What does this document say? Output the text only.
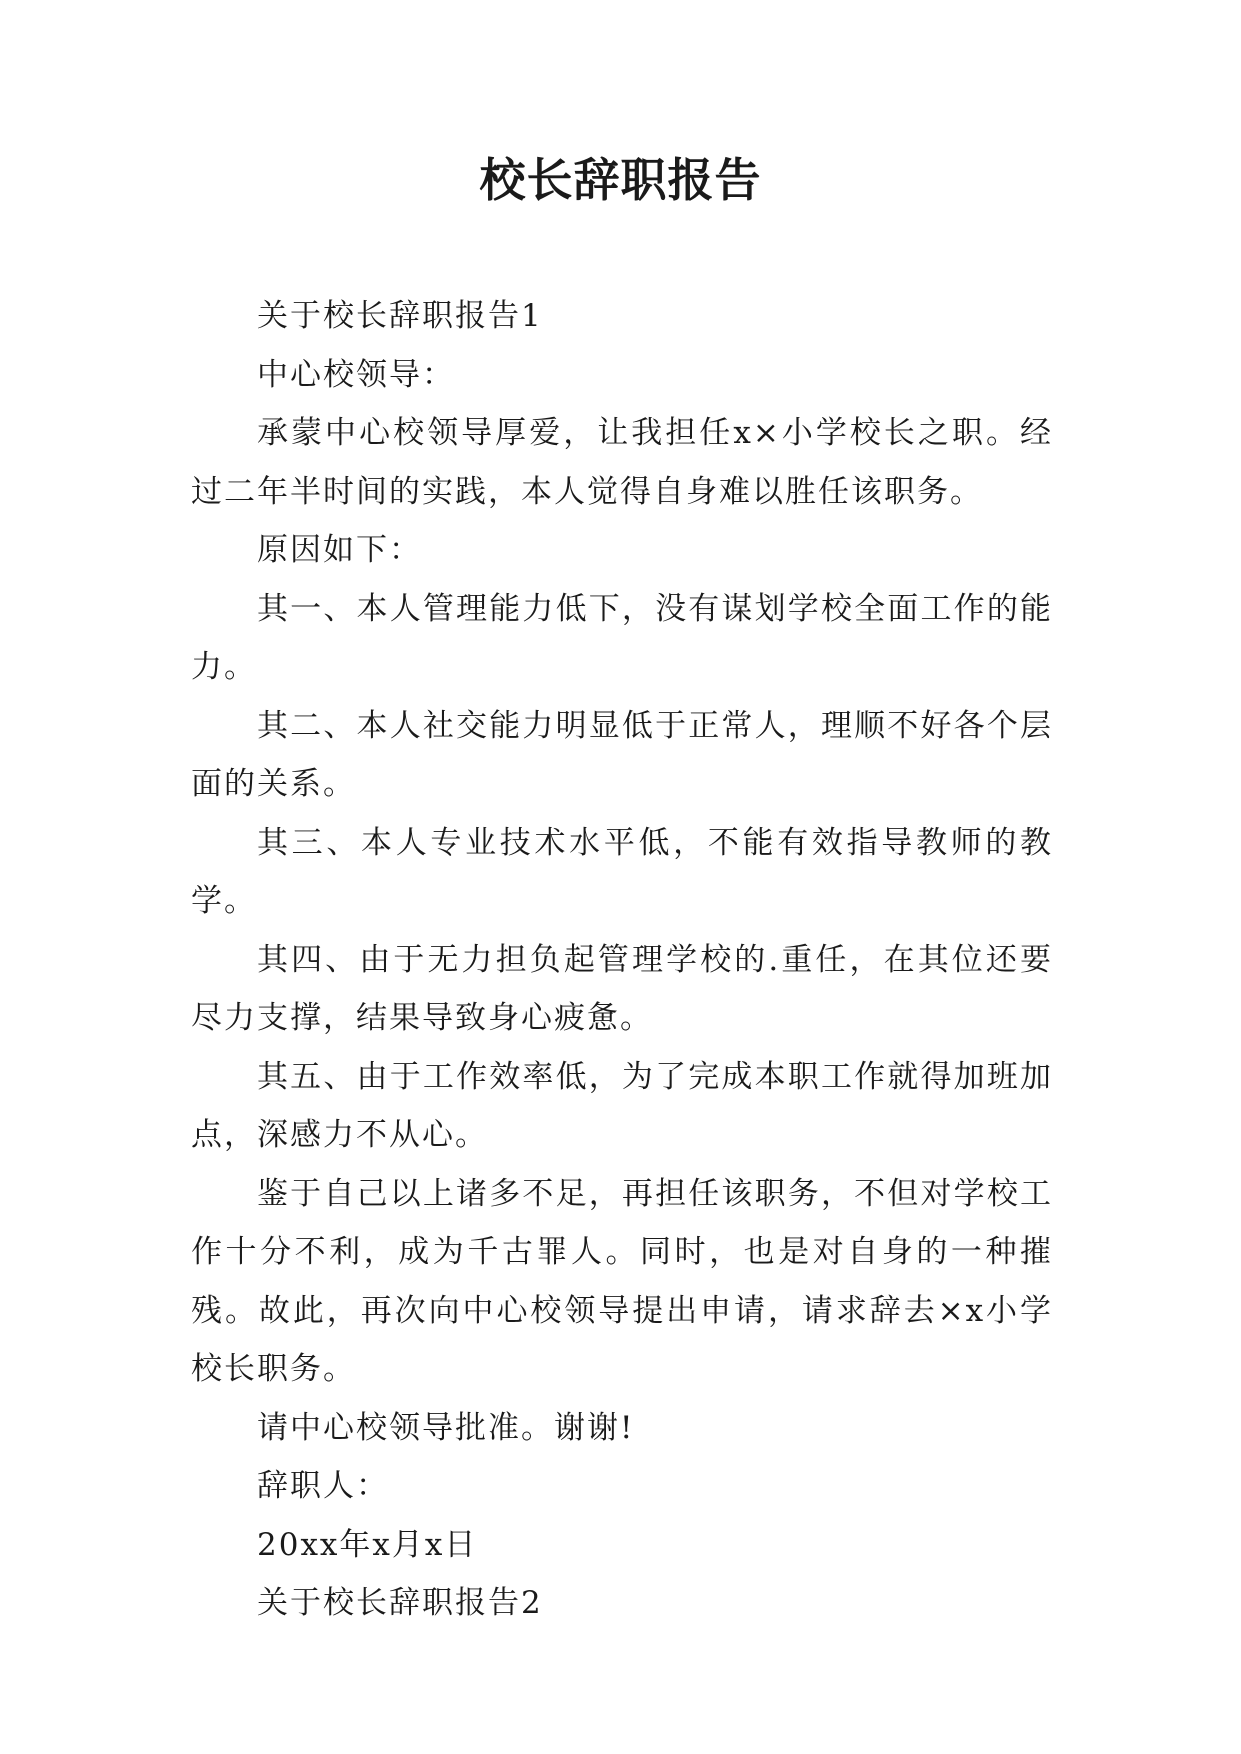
校长辞职报告

关于校长辞职报告1

中心校领导：

承蒙中心校领导厚爱，让我担任x×小学校长之职。经过二年半时间的实践，本人觉得自身难以胜任该职务。

原因如下：

其一、本人管理能力低下，没有谋划学校全面工作的能力。

其二、本人社交能力明显低于正常人，理顺不好各个层面的关系。

其三、本人专业技术水平低，不能有效指导教师的教学。

其四、由于无力担负起管理学校的.重任，在其位还要尽力支撑，结果导致身心疲惫。

其五、由于工作效率低，为了完成本职工作就得加班加点，深感力不从心。

鉴于自己以上诸多不足，再担任该职务，不但对学校工作十分不利，成为千古罪人。同时，也是对自身的一种摧残。故此，再次向中心校领导提出申请，请求辞去×x小学校长职务。

请中心校领导批准。谢谢!

辞职人：

20xx年x月x日

关于校长辞职报告2
